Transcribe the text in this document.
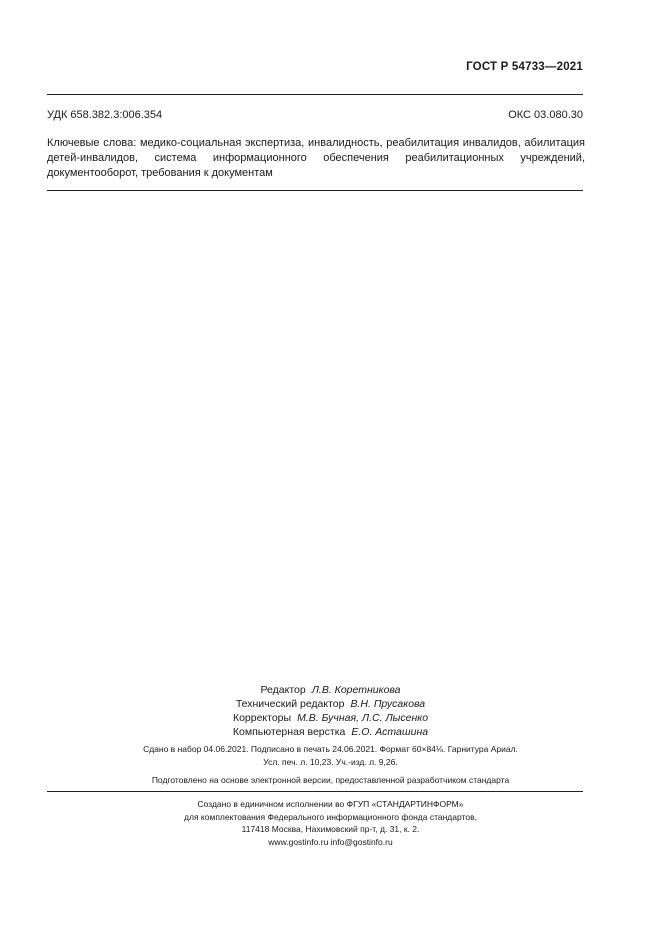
ГОСТ Р 54733—2021
УДК 658.382.3:006.354	ОКС 03.080.30
Ключевые слова: медико-социальная экспертиза, инвалидность, реабилитация инвалидов, абилитация детей-инвалидов, система информационного обеспечения реабилитационных учреждений, документооборот, требования к документам
Редактор Л.В. Коретникова
Технический редактор В.Н. Прусакова
Корректоры М.В. Бучная, Л.С. Лысенко
Компьютерная верстка Е.О. Асташина
Сдано в набор 04.06.2021. Подписано в печать 24.06.2021. Формат 60×84⅛. Гарнитура Ариал.
Усл. печ. л. 10,23. Уч.-изд. л. 9,26.
Подготовлено на основе электронной версии, предоставленной разработчиком стандарта
Создано в единичном исполнении во ФГУП «СТАНДАРТИНФОРМ»
для комплектования Федерального информационного фонда стандартов,
117418 Москва, Нахимовский пр-т, д. 31, к. 2.
www.gostinfo.ru info@gostinfo.ru
